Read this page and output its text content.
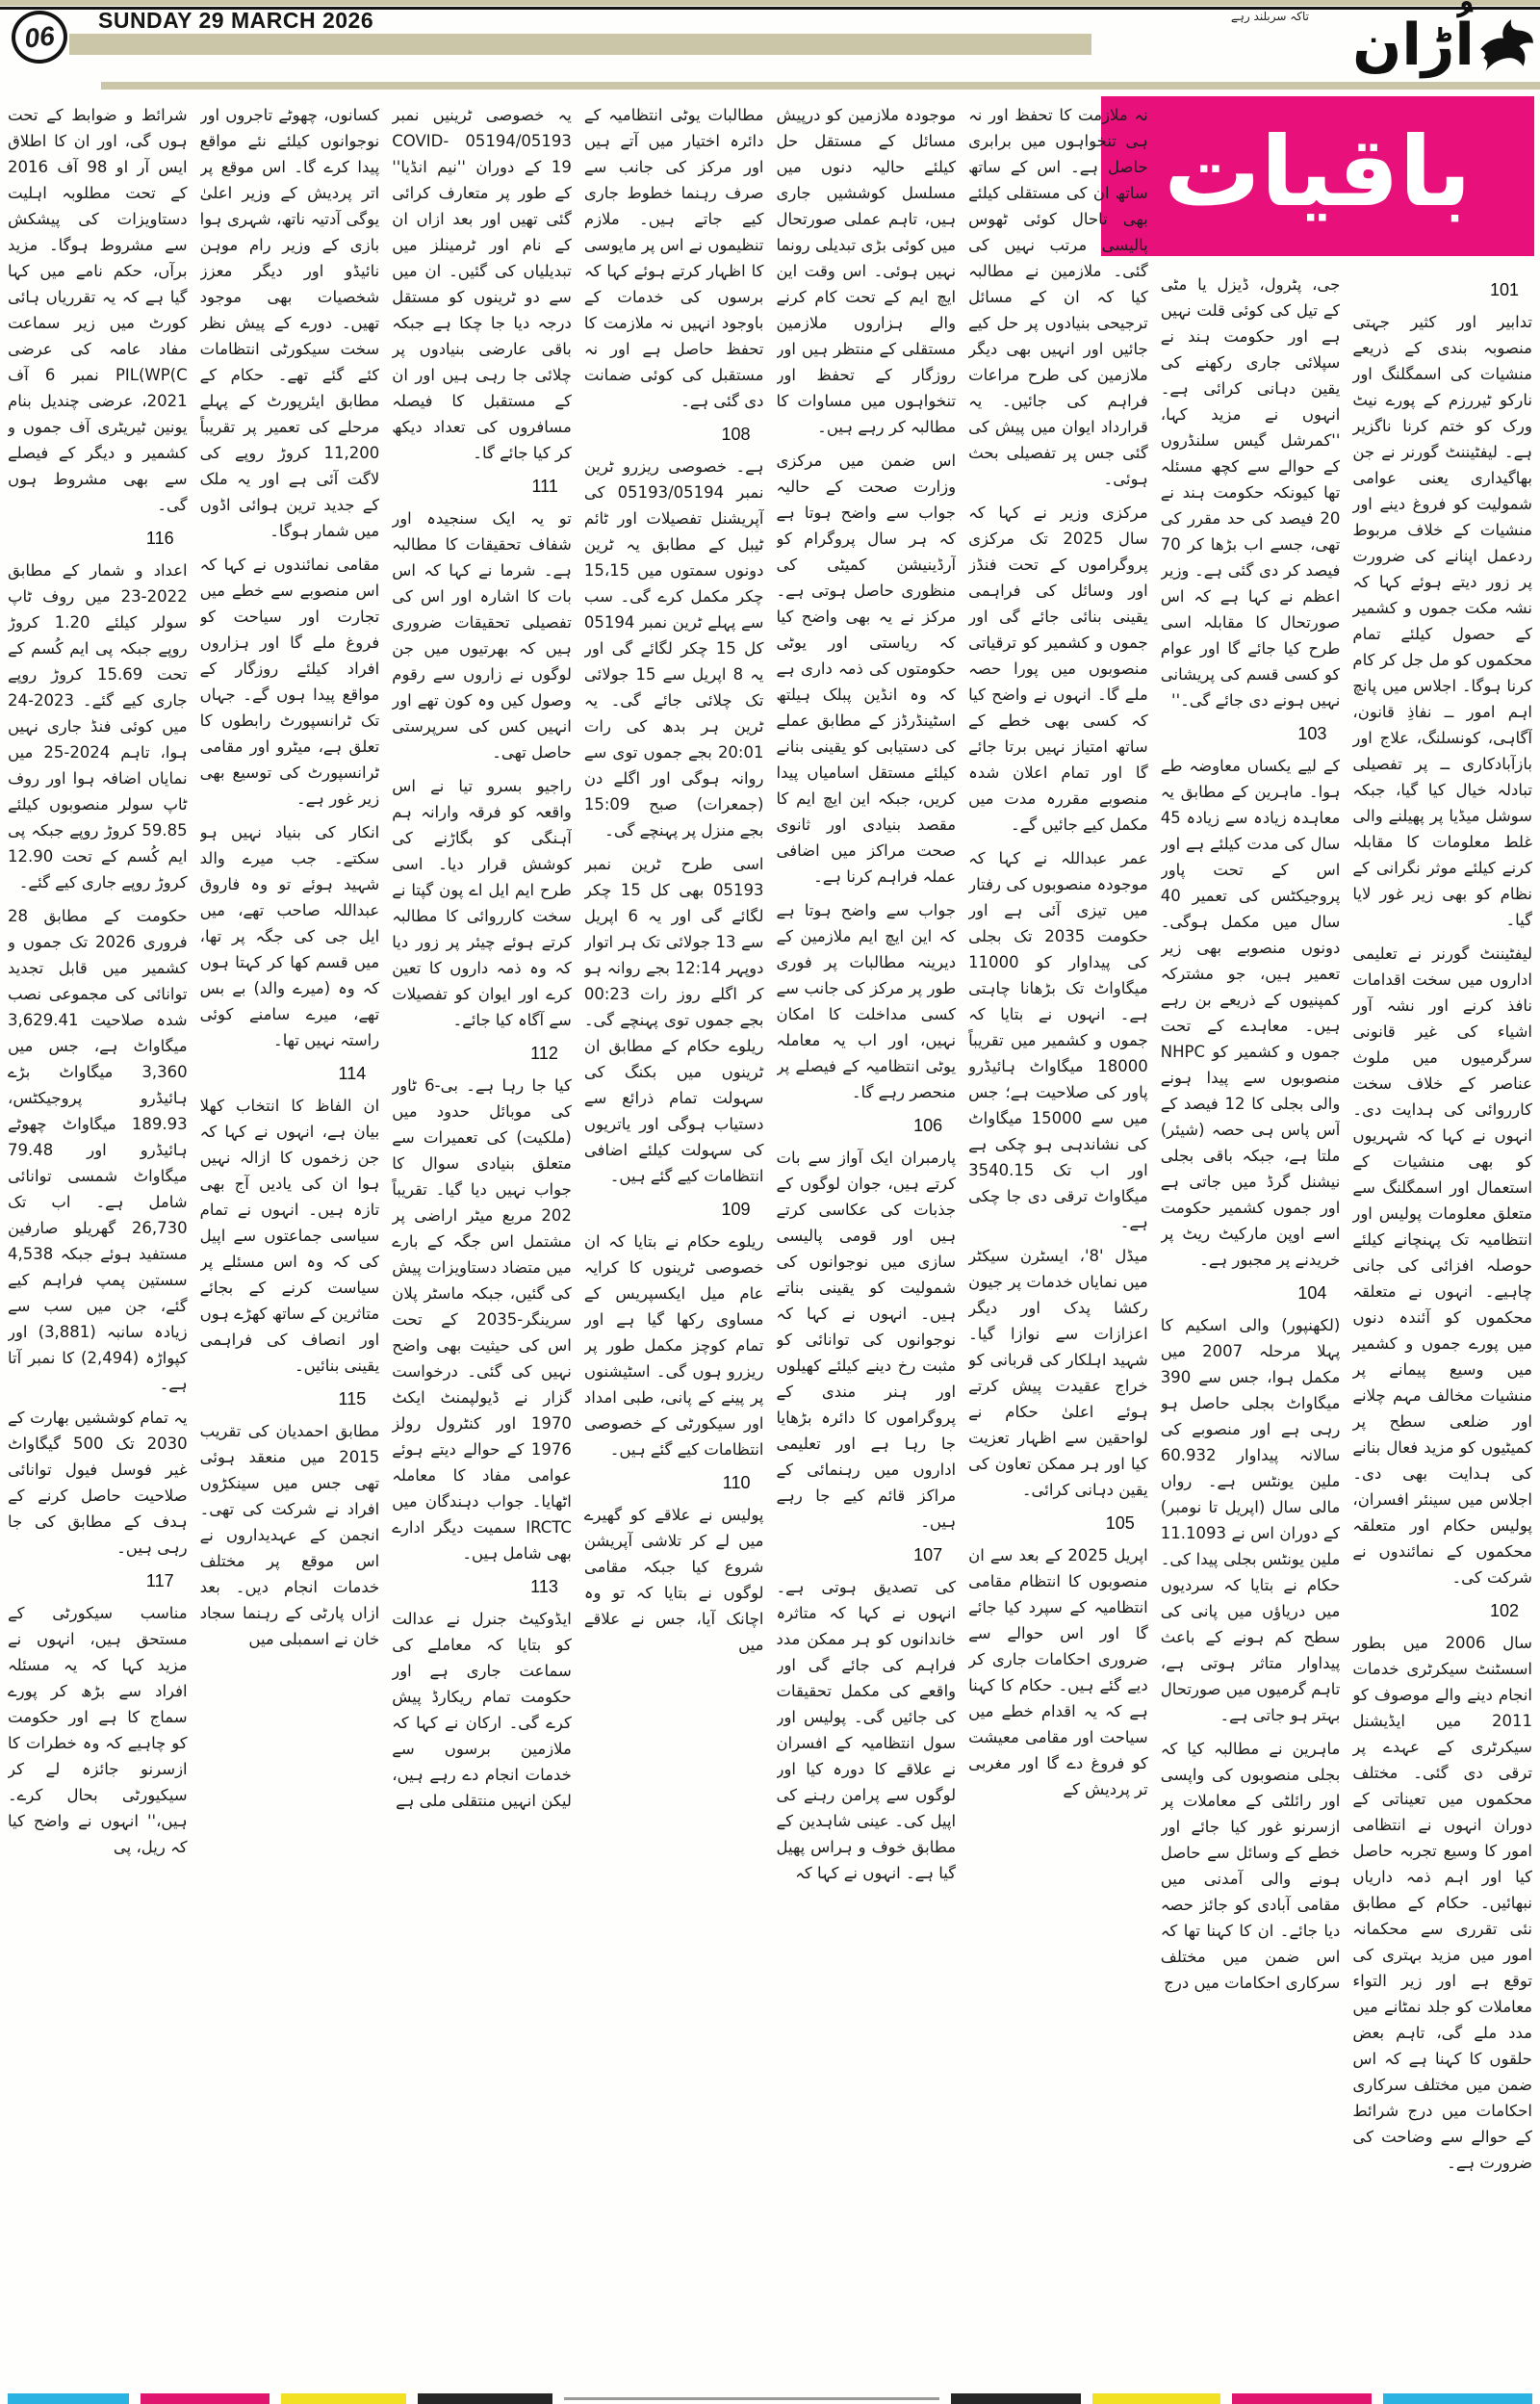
06 SUNDAY 29 MARCH 2026	اُڑان
تاکہ سربلند رہے
باقیات
101

تدابیر اور کثیر جہتی منصوبہ بندی کے ذریعے منشیات کی اسمگلنگ اور نارکو ٹیررزم کے پورے نیٹ ورک کو ختم کرنا ناگزیر ہے۔ لیفٹیننٹ گورنر نے جن بھاگیداری یعنی عوامی شمولیت کو فروغ دینے اور منشیات کے خلاف مربوط ردعمل اپنانے کی ضرورت پر زور دیتے ہوئے کہا کہ نشہ مکت جموں و کشمیر کے حصول کیلئے تمام محکموں کو مل جل کر کام کرنا ہوگا۔ اجلاس میں پانچ اہم امور ــ نفاذِ قانون، آگاہی، کونسلنگ، علاج اور بازآبادکاری ــ پر تفصیلی تبادلہ خیال کیا گیا، جبکہ سوشل میڈیا پر پھیلنے والی غلط معلومات کا مقابلہ کرنے کیلئے موثر نگرانی کے نظام کو بھی زیر غور لایا گیا۔

لیفٹیننٹ گورنر نے تعلیمی اداروں میں سخت اقدامات نافذ کرنے اور نشہ آور اشیاء کی غیر قانونی سرگرمیوں میں ملوث عناصر کے خلاف سخت کارروائی کی ہدایت دی۔ انہوں نے کہا کہ شہریوں کو بھی منشیات کے استعمال اور اسمگلنگ سے متعلق معلومات پولیس اور انتظامیہ تک پہنچانے کیلئے حوصلہ افزائی کی جانی چاہیے۔ انہوں نے متعلقہ محکموں کو آئندہ دنوں میں پورے جموں و کشمیر میں وسیع پیمانے پر منشیات مخالف مہم چلانے اور ضلعی سطح پر کمیٹیوں کو مزید فعال بنانے کی ہدایت بھی دی۔ اجلاس میں سینئر افسران، پولیس حکام اور متعلقہ محکموں کے نمائندوں نے شرکت کی۔

102

سال 2006 میں بطور اسسٹنٹ سیکرٹری خدمات انجام دینے والے موصوف کو 2011 میں ایڈیشنل سیکرٹری کے عہدے پر ترقی دی گئی۔ مختلف محکموں میں تعیناتی کے دوران انہوں نے انتظامی امور کا وسیع تجربہ حاصل کیا اور اہم ذمہ داریاں نبھائیں۔ حکام کے مطابق نئی تقرری سے محکمانہ امور میں مزید بہتری کی توقع ہے اور زیر التواء معاملات کو جلد نمٹانے میں مدد ملے گی، تاہم بعض حلقوں کا کہنا ہے کہ اس ضمن میں مختلف سرکاری احکامات میں درج شرائط کے حوالے سے وضاحت کی ضرورت ہے۔

جی، پٹرول، ڈیزل یا مٹی کے تیل کی کوئی قلت نہیں ہے اور حکومت ہند نے سپلائی جاری رکھنے کی یقین دہانی کرائی ہے۔ انہوں نے مزید کہا، ''کمرشل گیس سلنڈروں کے حوالے سے کچھ مسئلہ تھا کیونکہ حکومت ہند نے 20 فیصد کی حد مقرر کی تھی، جسے اب بڑھا کر 70 فیصد کر دی گئی ہے۔ وزیر اعظم نے کہا ہے کہ اس صورتحال کا مقابلہ اسی طرح کیا جائے گا اور عوام کو کسی قسم کی پریشانی نہیں ہونے دی جائے گی۔''

103

کے لیے یکساں معاوضہ طے ہوا۔ ماہرین کے مطابق یہ معاہدہ زیادہ سے زیادہ 45 سال کی مدت کیلئے ہے اور اس کے تحت پاور پروجیکٹس کی تعمیر 40 سال میں مکمل ہوگی۔ دونوں منصوبے بھی زیر تعمیر ہیں، جو مشترکہ کمپنیوں کے ذریعے بن رہے ہیں۔ معاہدے کے تحت جموں و کشمیر کو NHPC منصوبوں سے پیدا ہونے والی بجلی کا 12 فیصد کے آس پاس ہی حصہ (شیئر) ملتا ہے، جبکہ باقی بجلی نیشنل گرڈ میں جاتی ہے اور جموں کشمیر حکومت اسے اوپن مارکیٹ ریٹ پر خریدنے پر مجبور ہے۔

104

(لکھنپور) والی اسکیم کا پہلا مرحلہ 2007 میں مکمل ہوا، جس سے 390 میگاواٹ بجلی حاصل ہو رہی ہے اور منصوبے کی سالانہ پیداوار 60.932 ملین یونٹس ہے۔ رواں مالی سال (اپریل تا نومبر) کے دوران اس نے 11.1093 ملین یونٹس بجلی پیدا کی۔ حکام نے بتایا کہ سردیوں میں دریاؤں میں پانی کی سطح کم ہونے کے باعث پیداوار متاثر ہوتی ہے، تاہم گرمیوں میں صورتحال بہتر ہو جاتی ہے۔

ماہرین نے مطالبہ کیا کہ بجلی منصوبوں کی واپسی اور رائلٹی کے معاملات پر ازسرنو غور کیا جائے اور خطے کے وسائل سے حاصل ہونے والی آمدنی میں مقامی آبادی کو جائز حصہ دیا جائے۔ ان کا کہنا تھا کہ اس ضمن میں مختلف سرکاری احکامات میں درج

نہ ملازمت کا تحفظ اور نہ ہی تنخواہوں میں برابری حاصل ہے۔ اس کے ساتھ ساتھ ان کی مستقلی کیلئے بھی تاحال کوئی ٹھوس پالیسی مرتب نہیں کی گئی۔ ملازمین نے مطالبہ کیا کہ ان کے مسائل ترجیحی بنیادوں پر حل کیے جائیں اور انہیں بھی دیگر ملازمین کی طرح مراعات فراہم کی جائیں۔ یہ قرارداد ایوان میں پیش کی گئی جس پر تفصیلی بحث ہوئی۔

مرکزی وزیر نے کہا کہ سال 2025 تک مرکزی پروگراموں کے تحت فنڈز اور وسائل کی فراہمی یقینی بنائی جائے گی اور جموں و کشمیر کو ترقیاتی منصوبوں میں پورا حصہ ملے گا۔ انہوں نے واضح کیا کہ کسی بھی خطے کے ساتھ امتیاز نہیں برتا جائے گا اور تمام اعلان شدہ منصوبے مقررہ مدت میں مکمل کیے جائیں گے۔

عمر عبداللہ نے کہا کہ موجودہ منصوبوں کی رفتار میں تیزی آئی ہے اور حکومت 2035 تک بجلی کی پیداوار کو 11000 میگاواٹ تک بڑھانا چاہتی ہے۔ انہوں نے بتایا کہ جموں و کشمیر میں تقریباً 18000 میگاواٹ ہائیڈرو پاور کی صلاحیت ہے؛ جس میں سے 15000 میگاواٹ کی نشاندہی ہو چکی ہے اور اب تک 3540.15 میگاواٹ ترقی دی جا چکی ہے۔

میڈل '8'، ایسٹرن سیکٹر میں نمایاں خدمات پر جیون رکشا پدک اور دیگر اعزازات سے نوازا گیا۔ شہید اہلکار کی قربانی کو خراج عقیدت پیش کرتے ہوئے اعلیٰ حکام نے لواحقین سے اظہار تعزیت کیا اور ہر ممکن تعاون کی یقین دہانی کرائی۔

105

اپریل 2025 کے بعد سے ان منصوبوں کا انتظام مقامی انتظامیہ کے سپرد کیا جائے گا اور اس حوالے سے ضروری احکامات جاری کر دیے گئے ہیں۔ حکام کا کہنا ہے کہ یہ اقدام خطے میں سیاحت اور مقامی معیشت کو فروغ دے گا اور مغربی تر پردیش کے

موجودہ ملازمین کو درپیش مسائل کے مستقل حل کیلئے حالیہ دنوں میں مسلسل کوششیں جاری ہیں، تاہم عملی صورتحال میں کوئی بڑی تبدیلی رونما نہیں ہوئی۔ اس وقت این ایچ ایم کے تحت کام کرنے والے ہزاروں ملازمین مستقلی کے منتظر ہیں اور روزگار کے تحفظ اور تنخواہوں میں مساوات کا مطالبہ کر رہے ہیں۔

اس ضمن میں مرکزی وزارت صحت کے حالیہ جواب سے واضح ہوتا ہے کہ ہر سال پروگرام کو آرڈینیشن کمیٹی کی منظوری حاصل ہوتی ہے۔ مرکز نے یہ بھی واضح کیا کہ ریاستی اور یوٹی حکومتوں کی ذمہ داری ہے کہ وہ انڈین پبلک ہیلتھ اسٹینڈرڈز کے مطابق عملے کی دستیابی کو یقینی بنانے کیلئے مستقل اسامیاں پیدا کریں، جبکہ این ایچ ایم کا مقصد بنیادی اور ثانوی صحت مراکز میں اضافی عملہ فراہم کرنا ہے۔

جواب سے واضح ہوتا ہے کہ این ایچ ایم ملازمین کے دیرینہ مطالبات پر فوری طور پر مرکز کی جانب سے کسی مداخلت کا امکان نہیں، اور اب یہ معاملہ یوٹی انتظامیہ کے فیصلے پر منحصر رہے گا۔

106

پارمبران ایک آواز سے بات کرتے ہیں، جوان لوگوں کے جذبات کی عکاسی کرتے ہیں اور قومی پالیسی سازی میں نوجوانوں کی شمولیت کو یقینی بناتے ہیں۔ انہوں نے کہا کہ نوجوانوں کی توانائی کو مثبت رخ دینے کیلئے کھیلوں اور ہنر مندی کے پروگراموں کا دائرہ بڑھایا جا رہا ہے اور تعلیمی اداروں میں رہنمائی کے مراکز قائم کیے جا رہے ہیں۔

107

کی تصدیق ہوتی ہے۔ انہوں نے کہا کہ متاثرہ خاندانوں کو ہر ممکن مدد فراہم کی جائے گی اور واقعے کی مکمل تحقیقات کی جائیں گی۔ پولیس اور سول انتظامیہ کے افسران نے علاقے کا دورہ کیا اور لوگوں سے پرامن رہنے کی اپیل کی۔ عینی شاہدین کے مطابق خوف و ہراس پھیل گیا ہے۔ انہوں نے کہا کہ

مطالبات یوٹی انتظامیہ کے دائرہ اختیار میں آتے ہیں اور مرکز کی جانب سے صرف رہنما خطوط جاری کیے جاتے ہیں۔ ملازم تنظیموں نے اس پر مایوسی کا اظہار کرتے ہوئے کہا کہ برسوں کی خدمات کے باوجود انہیں نہ ملازمت کا تحفظ حاصل ہے اور نہ مستقبل کی کوئی ضمانت دی گئی ہے۔

108

ہے۔ خصوصی ریزرو ٹرین نمبر 05193/05194 کی آپریشنل تفصیلات اور ٹائم ٹیبل کے مطابق یہ ٹرین دونوں سمتوں میں 15،15 چکر مکمل کرے گی۔ سب سے پہلے ٹرین نمبر 05194 کل 15 چکر لگائے گی اور یہ 8 اپریل سے 15 جولائی تک چلائی جائے گی۔ یہ ٹرین ہر بدھ کی رات 20:01 بجے جموں توی سے روانہ ہوگی اور اگلے دن (جمعرات) صبح 15:09 بجے منزل پر پہنچے گی۔

اسی طرح ٹرین نمبر 05193 بھی کل 15 چکر لگائے گی اور یہ 6 اپریل سے 13 جولائی تک ہر اتوار دوپہر 12:14 بجے روانہ ہو کر اگلے روز رات 00:23 بجے جموں توی پہنچے گی۔ ریلوے حکام کے مطابق ان ٹرینوں میں بکنگ کی سہولت تمام ذرائع سے دستیاب ہوگی اور یاتریوں کی سہولت کیلئے اضافی انتظامات کیے گئے ہیں۔

109

ریلوے حکام نے بتایا کہ ان خصوصی ٹرینوں کا کرایہ عام میل ایکسپریس کے مساوی رکھا گیا ہے اور تمام کوچز مکمل طور پر ریزرو ہوں گی۔ اسٹیشنوں پر پینے کے پانی، طبی امداد اور سیکورٹی کے خصوصی انتظامات کیے گئے ہیں۔

110

پولیس نے علاقے کو گھیرے میں لے کر تلاشی آپریشن شروع کیا جبکہ مقامی لوگوں نے بتایا کہ تو وہ اچانک آیا، جس نے علاقے میں

یہ خصوصی ٹرینیں نمبر 05194/05193 COVID-19 کے دوران ''نیم انڈیا'' کے طور پر متعارف کرائی گئی تھیں اور بعد ازاں ان کے نام اور ٹرمینلز میں تبدیلیاں کی گئیں۔ ان میں سے دو ٹرینوں کو مستقل درجہ دیا جا چکا ہے جبکہ باقی عارضی بنیادوں پر چلائی جا رہی ہیں اور ان کے مستقبل کا فیصلہ مسافروں کی تعداد دیکھ کر کیا جائے گا۔

111

تو یہ ایک سنجیدہ اور شفاف تحقیقات کا مطالبہ ہے۔ شرما نے کہا کہ اس بات کا اشارہ اور اس کی تفصیلی تحقیقات ضروری ہیں کہ بھرتیوں میں جن لوگوں نے زاروں سے رقوم وصول کیں وہ کون تھے اور انہیں کس کی سرپرستی حاصل تھی۔

راجیو بسرو تیا نے اس واقعہ کو فرقہ وارانہ ہم آہنگی کو بگاڑنے کی کوشش قرار دیا۔ اسی طرح ایم ایل اے پون گپتا نے سخت کارروائی کا مطالبہ کرتے ہوئے چیئر پر زور دیا کہ وہ ذمہ داروں کا تعین کرے اور ایوان کو تفصیلات سے آگاہ کیا جائے۔

112

کیا جا رہا ہے۔ بی-6 ٹاور کی موبائل حدود میں (ملکیت) کی تعمیرات سے متعلق بنیادی سوال کا جواب نہیں دیا گیا۔ تقریباً 202 مربع میٹر اراضی پر مشتمل اس جگہ کے بارے میں متضاد دستاویزات پیش کی گئیں، جبکہ ماسٹر پلان سرینگر-2035 کے تحت اس کی حیثیت بھی واضح نہیں کی گئی۔ درخواست گزار نے ڈیولپمنٹ ایکٹ 1970 اور کنٹرول رولز 1976 کے حوالے دیتے ہوئے عوامی مفاد کا معاملہ اٹھایا۔ جواب دہندگان میں IRCTC سمیت دیگر ادارے بھی شامل ہیں۔

113

ایڈوکیٹ جنرل نے عدالت کو بتایا کہ معاملے کی سماعت جاری ہے اور حکومت تمام ریکارڈ پیش کرے گی۔ ارکان نے کہا کہ ملازمین برسوں سے خدمات انجام دے رہے ہیں، لیکن انہیں منتقلی ملی ہے

کسانوں، چھوٹے تاجروں اور نوجوانوں کیلئے نئے مواقع پیدا کرے گا۔ اس موقع پر اتر پردیش کے وزیر اعلیٰ یوگی آدتیہ ناتھ، شہری ہوا بازی کے وزیر رام موہن نائیڈو اور دیگر معزز شخصیات بھی موجود تھیں۔ دورے کے پیش نظر سخت سیکورٹی انتظامات کئے گئے تھے۔ حکام کے مطابق ایئرپورٹ کے پہلے مرحلے کی تعمیر پر تقریباً 11,200 کروڑ روپے کی لاگت آئی ہے اور یہ ملک کے جدید ترین ہوائی اڈوں میں شمار ہوگا۔

مقامی نمائندوں نے کہا کہ اس منصوبے سے خطے میں تجارت اور سیاحت کو فروغ ملے گا اور ہزاروں افراد کیلئے روزگار کے مواقع پیدا ہوں گے۔ جہاں تک ٹرانسپورٹ رابطوں کا تعلق ہے، میٹرو اور مقامی ٹرانسپورٹ کی توسیع بھی زیر غور ہے۔

انکار کی بنیاد نہیں ہو سکتے۔ جب میرے والد شہید ہوئے تو وہ فاروق عبداللہ صاحب تھے، میں ایل جی کی جگہ پر تھا، میں قسم کھا کر کہتا ہوں کہ وہ (میرے والد) بے بس تھے، میرے سامنے کوئی راستہ نہیں تھا۔

114

ان الفاظ کا انتخاب کھلا بیان ہے، انہوں نے کہا کہ جن زخموں کا ازالہ نہیں ہوا ان کی یادیں آج بھی تازہ ہیں۔ انہوں نے تمام سیاسی جماعتوں سے اپیل کی کہ وہ اس مسئلے پر سیاست کرنے کے بجائے متاثرین کے ساتھ کھڑے ہوں اور انصاف کی فراہمی یقینی بنائیں۔

115

مطابق احمدیان کی تقریب 2015 میں منعقد ہوئی تھی جس میں سینکڑوں افراد نے شرکت کی تھی۔ انجمن کے عہدیداروں نے اس موقع پر مختلف خدمات انجام دیں۔ بعد ازاں پارٹی کے رہنما سجاد خان نے اسمبلی میں

شرائط و ضوابط کے تحت ہوں گی، اور ان کا اطلاق ایس آر او 98 آف 2016 کے تحت مطلوبہ اہلیت دستاویزات کی پیشکش سے مشروط ہوگا۔ مزید برآں، حکم نامے میں کہا گیا ہے کہ یہ تقرریاں ہائی کورٹ میں زیر سماعت مفاد عامہ کی عرضی PIL(WP(C نمبر 6 آف 2021، عرضی چندیل بنام یونین ٹیریٹری آف جموں و کشمیر و دیگر کے فیصلے سے بھی مشروط ہوں گی۔

116

اعداد و شمار کے مطابق 2022-23 میں روف ٹاپ سولر کیلئے 1.20 کروڑ روپے جبکہ پی ایم کُسم کے تحت 15.69 کروڑ روپے جاری کیے گئے۔ 2023-24 میں کوئی فنڈ جاری نہیں ہوا، تاہم 2024-25 میں نمایاں اضافہ ہوا اور روف ٹاپ سولر منصوبوں کیلئے 59.85 کروڑ روپے جبکہ پی ایم کُسم کے تحت 12.90 کروڑ روپے جاری کیے گئے۔

حکومت کے مطابق 28 فروری 2026 تک جموں و کشمیر میں قابل تجدید توانائی کی مجموعی نصب شدہ صلاحیت 3,629.41 میگاواٹ ہے، جس میں 3,360 میگاواٹ بڑے ہائیڈرو پروجیکٹس، 189.93 میگاواٹ چھوٹے ہائیڈرو اور 79.48 میگاواٹ شمسی توانائی شامل ہے۔ اب تک 26,730 گھریلو صارفین مستفید ہوئے جبکہ 4,538 سستین پمپ فراہم کیے گئے، جن میں سب سے زیادہ سانبہ (3,881) اور کپواڑہ (2,494) کا نمبر آتا ہے۔

یہ تمام کوششیں بھارت کے 2030 تک 500 گیگاواٹ غیر فوسل فیول توانائی صلاحیت حاصل کرنے کے ہدف کے مطابق کی جا رہی ہیں۔

117

مناسب سیکورٹی کے مستحق ہیں، انہوں نے مزید کہا کہ یہ مسئلہ افراد سے بڑھ کر پورے سماج کا ہے اور حکومت کو چاہیے کہ وہ خطرات کا ازسرنو جائزہ لے کر سیکیورٹی بحال کرے۔ ہیں،'' انہوں نے واضح کیا کہ ریل، پی
